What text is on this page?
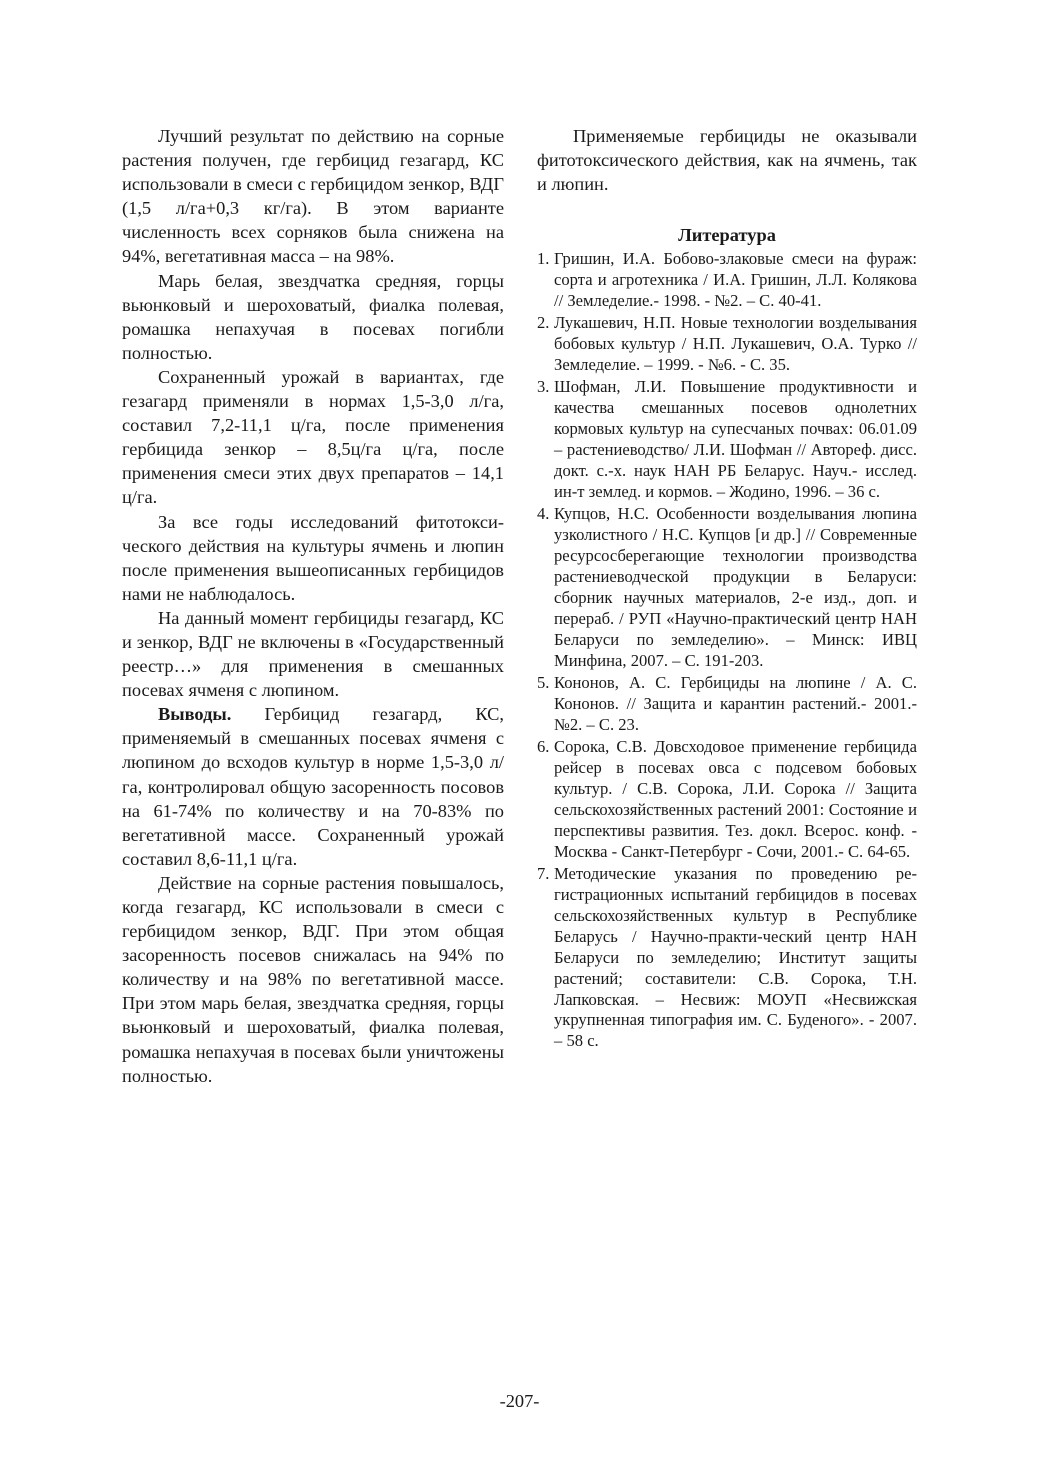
Лучший результат по действию на сорные растения получен, где гербицид гезагард, КС использовали в смеси с гербицидом зенкор, ВДГ (1,5 л/га+0,3 кг/га). В этом варианте численность всех сорняков была снижена на 94%, вегетативная масса – на 98%.

Марь белая, звездчатка средняя, горцы вьюнковый и шероховатый, фиалка полевая, ромашка непахучая в посевах погибли полностью.

Сохраненный урожай в вариантах, где гезагард применяли в нормах 1,5-3,0 л/га, составил 7,2-11,1 ц/га, после применения гербицида зенкор – 8,5ц/га ц/га, после применения смеси этих двух препаратов – 14,1 ц/га.

За все годы исследований фитотоксического действия на культуры ячмень и люпин после применения вышеописанных гербицидов нами не наблюдалось.

На данный момент гербициды гезагард, КС и зенкор, ВДГ не включены в «Государственный реестр…» для применения в смешанных посевах ячменя с люпином.

Выводы. Гербицид гезагард, КС, применяемый в смешанных посевах ячменя с люпином до всходов культур в норме 1,5-3,0 л/га, контролировал общую засоренность посовов на 61-74% по количеству и на 70-83% по вегетативной массе. Сохраненный урожай составил 8,6-11,1 ц/га.

Действие на сорные растения повышалось, когда гезагард, КС использовали в смеси с гербицидом зенкор, ВДГ. При этом общая засоренность посевов снижалась на 94% по количеству и на 98% по вегетативной массе. При этом марь белая, звездчатка средняя, горцы вьюнковый и шероховатый, фиалка полевая, ромашка непахучая в посевах были уничтожены полностью.

Применяемые гербициды не оказывали фитотоксического действия, как на ячмень, так и люпин.

Литература
1. Гришин, И.А. Бобово-злаковые смеси на фураж: сорта и агротехника / И.А. Гришин, Л.Л. Колякова // Земледелие.- 1998. - №2. – С. 40-41.
2. Лукашевич, Н.П. Новые технологии возделывания бобовых культур / Н.П. Лукашевич, О.А. Турко // Земледелие. – 1999. - №6. - С. 35.
3. Шофман, Л.И. Повышение продуктивности и качества смешанных посевов однолетних кормовых культур на супесчаных почвах: 06.01.09 – растениеводство/ Л.И. Шофман // Автореф. дисс. докт. с.-х. наук НАН РБ Беларус. Науч.- исслед. ин-т землед. и кормов. – Жодино, 1996. – 36 с.
4. Купцов, Н.С. Особенности возделывания люпина узколистного / Н.С. Купцов [и др.] // Современные ресурсосберегающие технологии производства растениеводческой продукции в Беларуси: сборник научных материалов, 2-е изд., доп. и перераб. / РУП «Научно-практический центр НАН Беларуси по земледелию». – Минск: ИВЦ Минфина, 2007. – С. 191-203.
5. Кононов, А. С. Гербициды на люпине / А. С. Кононов. // Защита и карантин растений.- 2001.- №2. – С. 23.
6. Сорока, С.В. Довсходовое применение гербицида рейсер в посевах овса с подсевом бобовых культур. / С.В. Сорока, Л.И. Сорока // Защита сельскохозяйственных растений 2001: Состояние и перспективы развития. Тез. докл. Всерос. конф. - Москва - Санкт-Петербург - Сочи, 2001.- С. 64-65.
7. Методические указания по проведению регистрационных испытаний гербицидов в посевах сельскохозяйственных культур в Республике Беларусь / Научно-практи-ческий центр НАН Беларуси по земледелию; Институт защиты растений; составители: С.В. Сорока, Т.Н. Лапковская. – Несвиж: МОУП «Несвижская укрупненная типография им. С. Буденого». - 2007. – 58 с.
-207-
